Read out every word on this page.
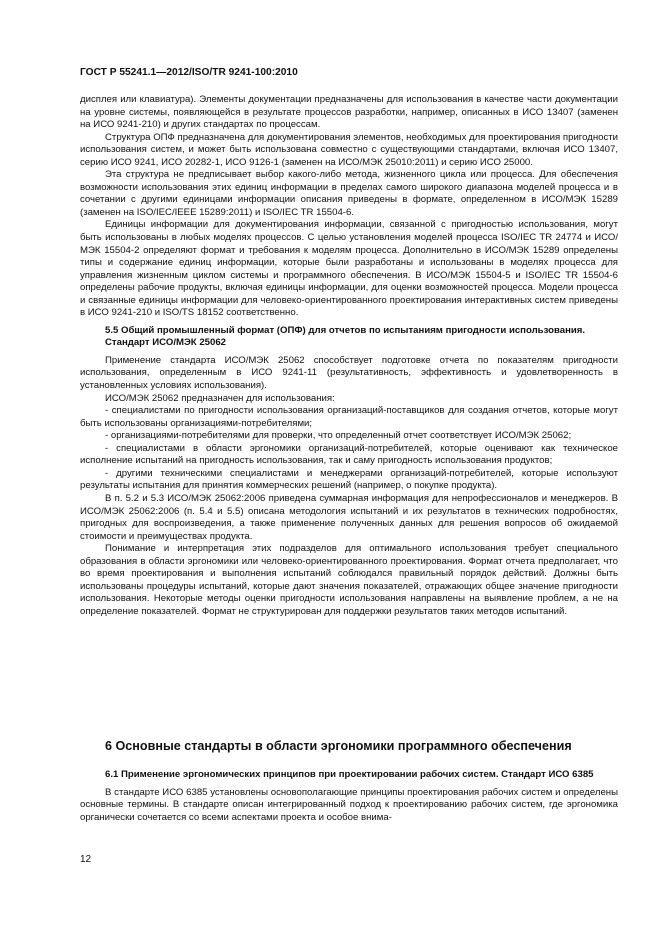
ГОСТ Р 55241.1—2012/ISO/TR 9241-100:2010

дисплея или клавиатура). Элементы документации предназначены для использования в качестве части документации на уровне системы, появляющейся в результате процессов разработки, например, описанных в ИСО 13407 (заменен на ИСО 9241-210) и других стандартах по процессам.

Структура ОПФ предназначена для документирования элементов, необходимых для проектирования пригодности использования систем, и может быть использована совместно с существующими стандартами, включая ИСО 13407, серию ИСО 9241, ИСО 20282-1, ИСО 9126-1 (заменен на ИСО/МЭК 25010:2011) и серию ИСО 25000.

Эта структура не предписывает выбор какого-либо метода, жизненного цикла или процесса. Для обеспечения возможности использования этих единиц информации в пределах самого широкого диапазона моделей процесса и в сочетании с другими единицами информации описания приведены в формате, определенном в ИСО/МЭК 15289 (заменен на ISO/IEC/IEEE 15289:2011) и ISO/IEC TR 15504-6.

Единицы информации для документирования информации, связанной с пригодностью использования, могут быть использованы в любых моделях процессов. С целью установления моделей процесса ISO/IEC TR 24774 и ИСО/МЭК 15504-2 определяют формат и требования к моделям процесса. Дополнительно в ИСО/МЭК 15289 определены типы и содержание единиц информации, которые были разработаны и использованы в моделях процесса для управления жизненным циклом системы и программного обеспечения. В ИСО/МЭК 15504-5 и ISO/IEC TR 15504-6 определены рабочие продукты, включая единицы информации, для оценки возможностей процесса. Модели процесса и связанные единицы информации для человеко-ориентированного проектирования интерактивных систем приведены в ИСО 9241-210 и ISO/TS 18152 соответственно.

5.5 Общий промышленный формат (ОПФ) для отчетов по испытаниям пригодности использования. Стандарт ИСО/МЭК 25062

Применение стандарта ИСО/МЭК 25062 способствует подготовке отчета по показателям пригодности использования, определенным в ИСО 9241-11 (результативность, эффективность и удовлетворенность в установленных условиях использования).

ИСО/МЭК 25062 предназначен для использования:

- специалистами по пригодности использования организаций-поставщиков для создания отчетов, которые могут быть использованы организациями-потребителями;

- организациями-потребителями для проверки, что определенный отчет соответствует ИСО/МЭК 25062;

- специалистами в области эргономики организаций-потребителей, которые оценивают как техническое исполнение испытаний на пригодность использования, так и саму пригодность использования продуктов;

- другими техническими специалистами и менеджерами организаций-потребителей, которые используют результаты испытания для принятия коммерческих решений (например, о покупке продукта).

В п. 5.2 и 5.3 ИСО/МЭК 25062:2006 приведена суммарная информация для непрофессионалов и менеджеров. В ИСО/МЭК 25062:2006 (п. 5.4 и 5.5) описана методология испытаний и их результатов в технических подробностях, пригодных для воспроизведения, а также применение полученных данных для решения вопросов об ожидаемой стоимости и преимуществах продукта.

Понимание и интерпретация этих подразделов для оптимального использования требует специального образования в области эргономики или человеко-ориентированного проектирования. Формат отчета предполагает, что во время проектирования и выполнения испытаний соблюдался правильный порядок действий. Должны быть использованы процедуры испытаний, которые дают значения показателей, отражающих общее значение пригодности использования. Некоторые методы оценки пригодности использования направлены на выявление проблем, а не на определение показателей. Формат не структурирован для поддержки результатов таких методов испытаний.

6 Основные стандарты в области эргономики программного обеспечения

6.1 Применение эргономических принципов при проектировании рабочих систем. Стандарт ИСО 6385

В стандарте ИСО 6385 установлены основополагающие принципы проектирования рабочих систем и определены основные термины. В стандарте описан интегрированный подход к проектированию рабочих систем, где эргономика органически сочетается со всеми аспектами проекта и особое внима-

12
